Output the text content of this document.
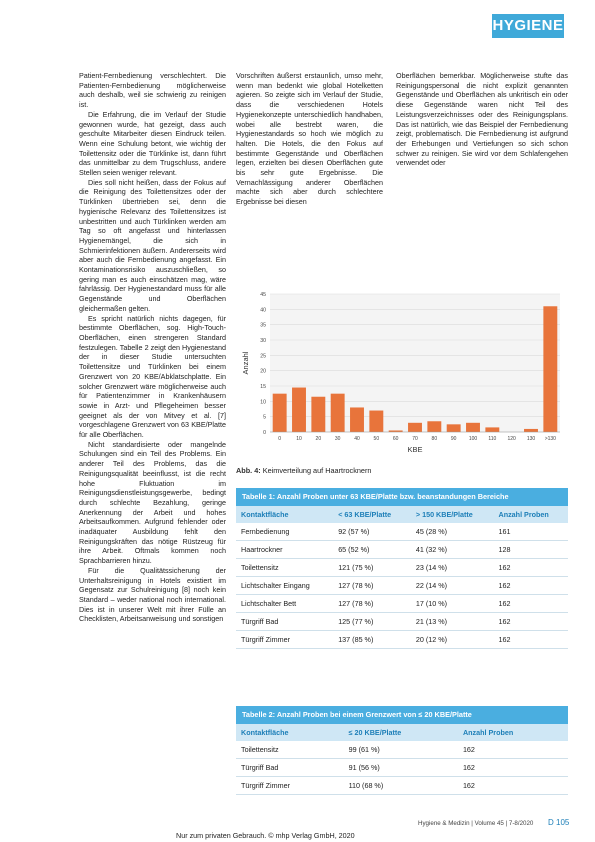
HYGIENE

Patient-Fernbedienung verschlechtert. Die Patienten-Fernbedienung möglicherweise auch deshalb, weil sie schwierig zu reinigen ist.

Die Erfahrung, die im Verlauf der Studie gewonnen wurde, hat gezeigt, dass auch geschulte Mitarbeiter diesen Eindruck teilen. Wenn eine Schulung betont, wie wichtig der Toilettensitz oder die Türklinke ist, dann führt das unmittelbar zu dem Trugschluss, andere Stellen seien weniger relevant.

Dies soll nicht heißen, dass der Fokus auf die Reinigung des Toilettensitzes oder der Türklinken übertrieben sei, denn die hygienische Relevanz des Toilettensitzes ist unbestritten und auch Türklinken werden am Tag so oft angefasst und hinterlassen Hygienemängel, die sich in Schmierinfektionen äußern. Andererseits wird aber auch die Fernbedienung angefasst. Ein Kontaminationsrisiko auszuschließen, so gering man es auch einschätzen mag, wäre fahrlässig. Der Hygienestandard muss für alle Gegenstände und Oberflächen gleichermaßen gelten.

Es spricht natürlich nichts dagegen, für bestimmte Oberflächen, sog. High-Touch-Oberflächen, einen strengeren Standard festzulegen. Tabelle 2 zeigt den Hygienestand der in dieser Studie untersuchten Toilettensitze und Türklinken bei einem Grenzwert von 20 KBE/Abklatschplatte. Ein solcher Grenzwert wäre möglicherweise auch für Patientenzimmer in Krankenhäusern sowie in Arzt- und Pflegeheimen besser geeignet als der von Mitvey et al. [7] vorgeschlagene Grenzwert von 63 KBE/Platte für alle Oberflächen.

Nicht standardisierte oder mangelnde Schulungen sind ein Teil des Problems. Ein anderer Teil des Problems, das die Reinigungsqualität beeinflusst, ist die recht hohe Fluktuation im Reinigungsdienstleistungsgewerbe, bedingt durch schlechte Bezahlung, geringe Anerkennung der Arbeit und hohes Arbeitsaufkommen. Aufgrund fehlender oder inadäquater Ausbildung fehlt den Reinigungskräften das nötige Rüstzeug für ihre Arbeit. Oftmals kommen noch Sprachbarrieren hinzu.

Für die Qualitätssicherung der Unterhaltsreinigung in Hotels existiert im Gegensatz zur Schulreinigung [8] noch kein Standard – weder national noch international. Dies ist in unserer Welt mit ihrer Fülle an Checklisten, Arbeitsanweisung und sonstigen

Vorschriften äußerst erstaunlich, umso mehr, wenn man bedenkt wie global Hotelketten agieren. So zeigte sich im Verlauf der Studie, dass die verschiedenen Hotels Hygienekonzepte unterschiedlich handhaben, wobei alle bestrebt waren, die Hygienestandards so hoch wie möglich zu halten. Die Hotels, die den Fokus auf bestimmte Gegenstände und Oberflächen legen, erzielten bei diesen Oberflächen gute bis sehr gute Ergebnisse. Die Vernachlässigung anderer Oberflächen machte sich aber durch schlechtere Ergebnisse bei diesen

Oberflächen bemerkbar. Möglicherweise stufte das Reinigungspersonal die nicht explizit genannten Gegenstände und Oberflächen als unkritisch ein oder diese Gegenstände waren nicht Teil des Leistungsverzeichnisses oder des Reinigungsplans. Das ist natürlich, wie das Beispiel der Fernbedienung zeigt, problematisch. Die Fernbedienung ist aufgrund der Erhebungen und Vertiefungen so sich schon schwer zu reinigen. Sie wird vor dem Schlafengehen verwendet oder

0
5
10
15
20
25
30
35
40
45
0	10	20	30	40	50	60	70	80	90 100 110 120 130 >130
KBE
Anzahl
Abb. 4: Keimverteilung auf Haartrocknern
Tabelle 1: Anzahl Proben unter 63 KBE/Platte bzw. beanstandungen Bereiche
Kontaktfläche	< 63 KBE/Platte	> 150 KBE/Platte	Anzahl Proben
Fernbedienung	92 (57 %)	45 (28 %)	161
Haartrockner	65 (52 %)	41 (32 %)	128
Toilettensitz	121 (75 %)	23 (14 %)	162
Lichtschalter Eingang	127 (78 %)	22 (14 %)	162
Lichtschalter Bett	127 (78 %)	17 (10 %)	162
Türgriff Bad	125 (77 %)	21 (13 %)	162
Türgriff Zimmer	137 (85 %)	20 (12 %)	162
Tabelle 2: Anzahl Proben bei einem Grenzwert von ≤ 20 KBE/Platte
Kontaktfläche	≤ 20 KBE/Platte	Anzahl Proben
Toilettensitz	99 (61 %)	162
Türgriff Bad	91 (56 %)	162
Türgriff Zimmer	110 (68 %)	162
Hygiene & Medizin | Volume 45 | 7-8/2020 D 105
Nur zum privaten Gebrauch. © mhp Verlag GmbH, 2020
